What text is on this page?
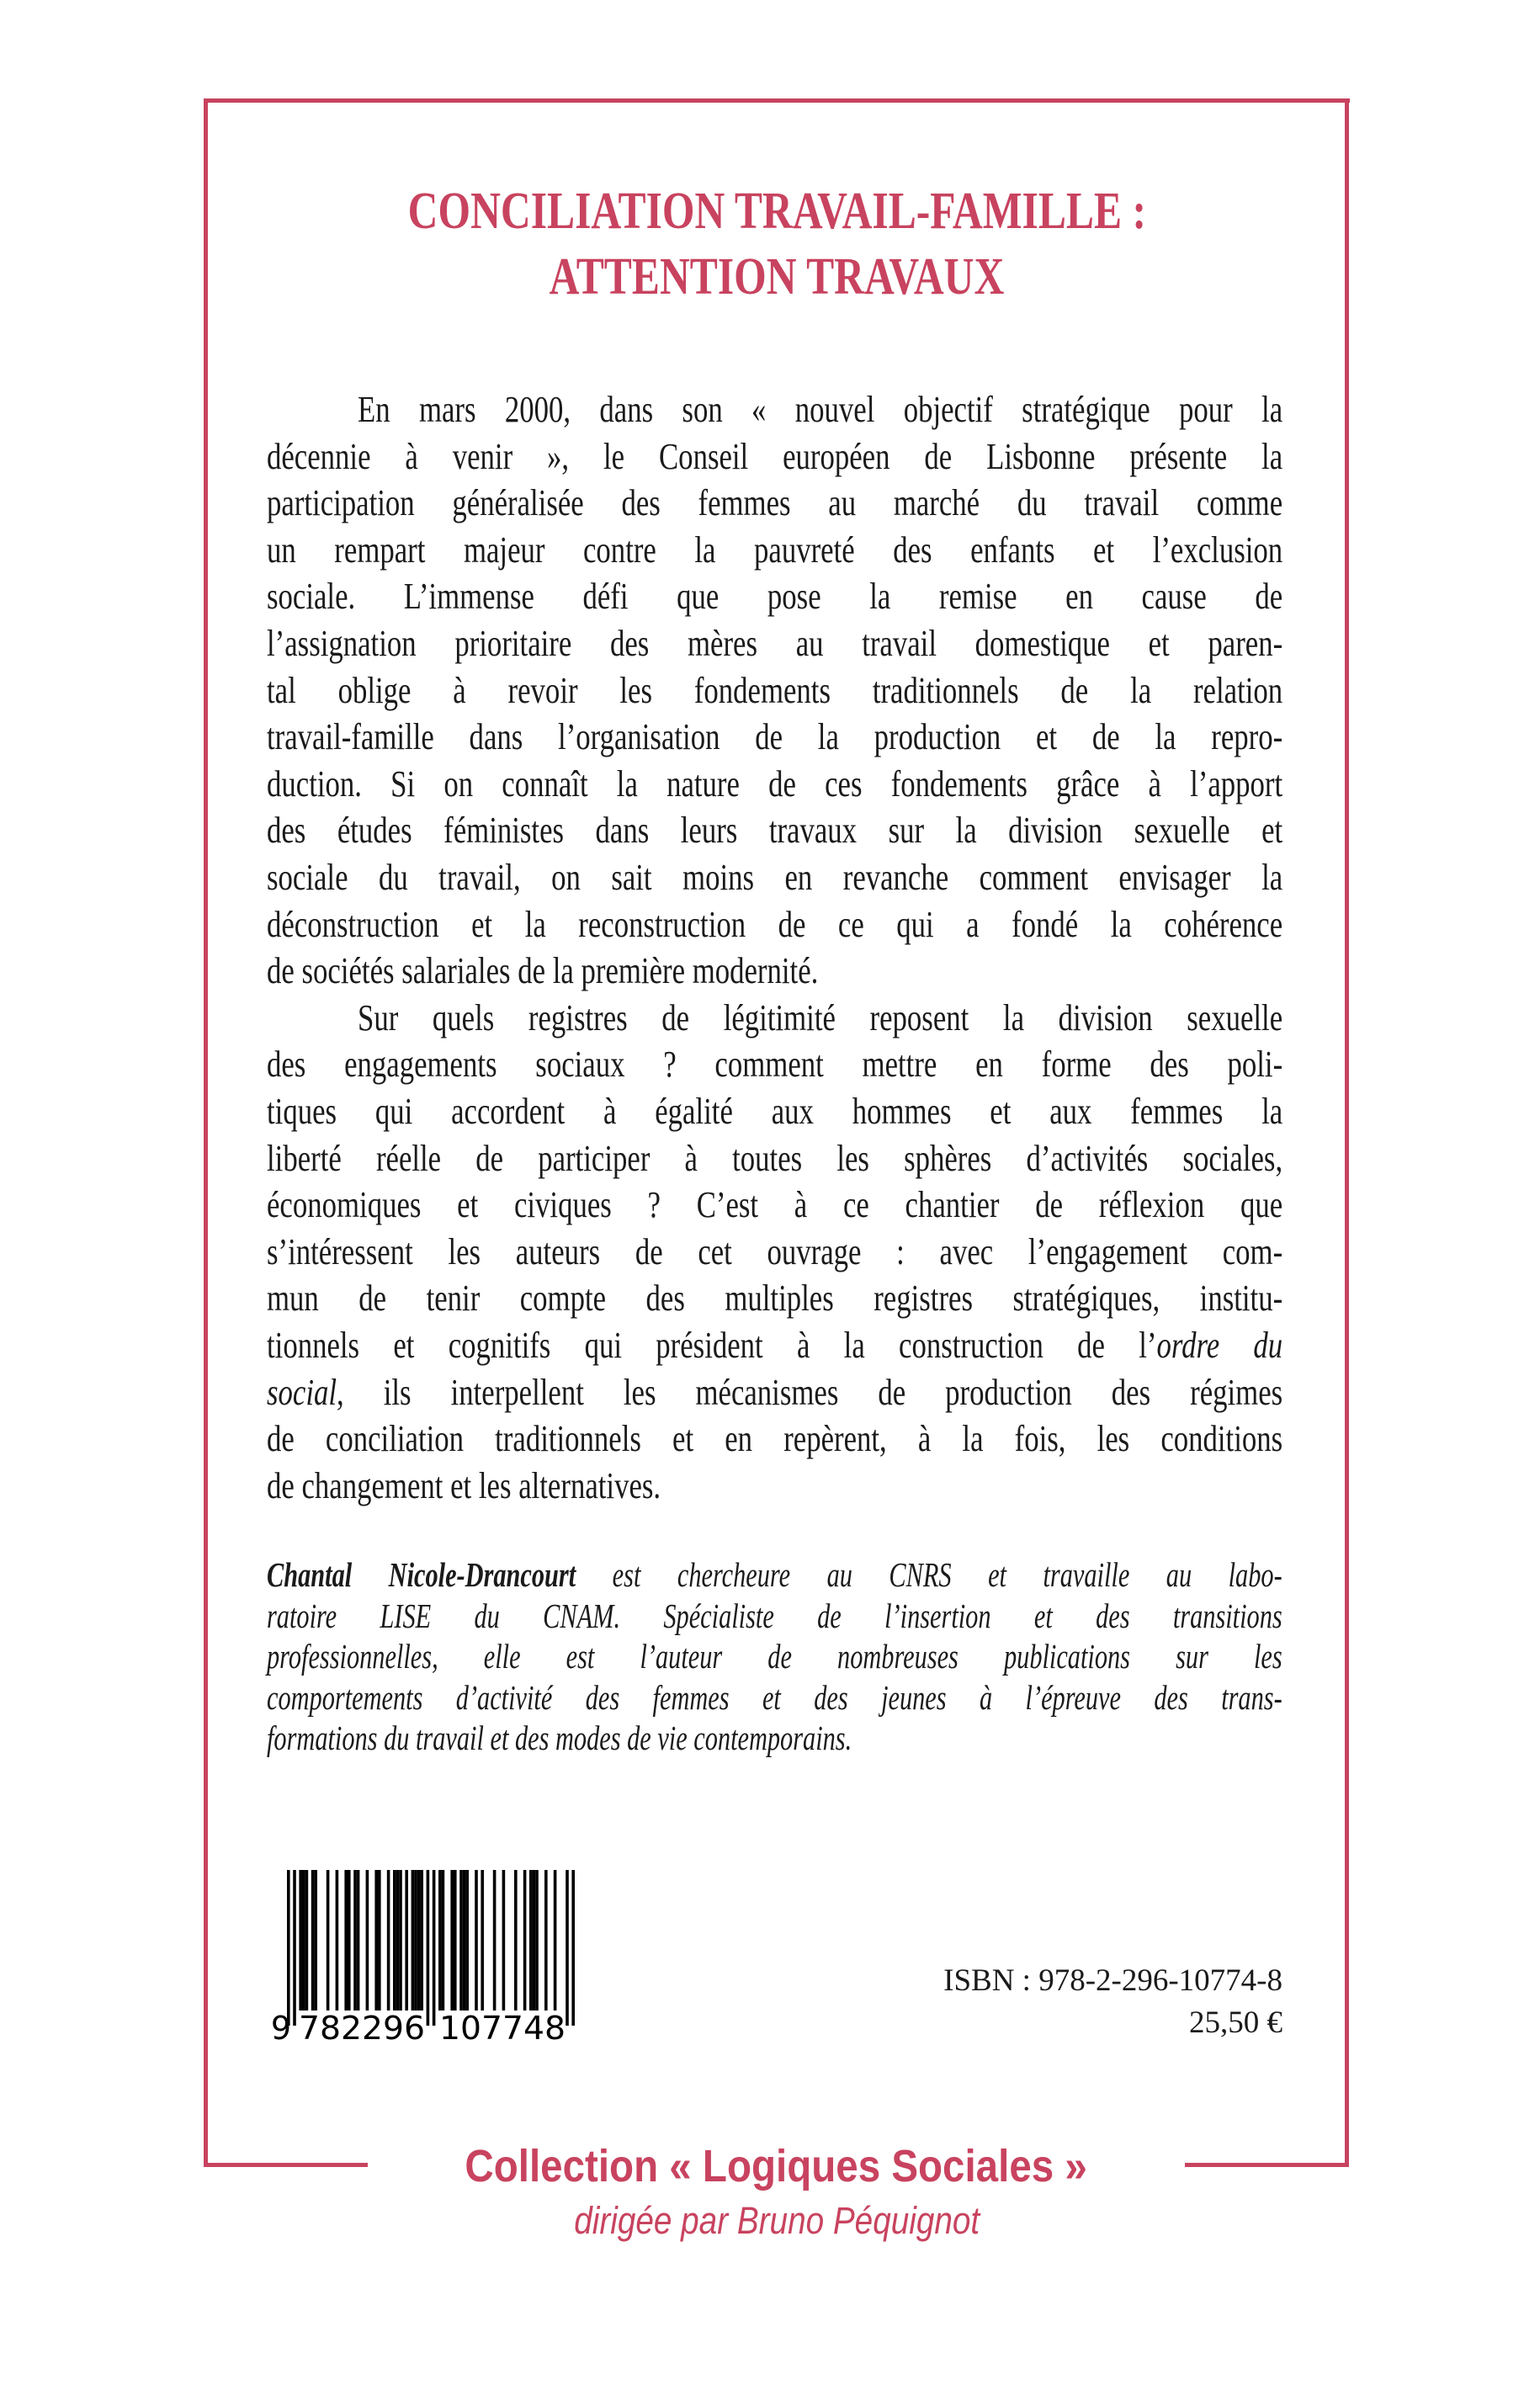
CONCILIATION TRAVAIL-FAMILLE :
ATTENTION TRAVAUX
En mars 2000, dans son « nouvel objectif stratégique pour la
décennie à venir », le Conseil européen de Lisbonne présente la
participation généralisée des femmes au marché du travail comme
un rempart majeur contre la pauvreté des enfants et l’exclusion
sociale. L’immense défi que pose la remise en cause de
l’assignation prioritaire des mères au travail domestique et paren-
tal oblige à revoir les fondements traditionnels de la relation
travail-famille dans l’organisation de la production et de la repro-
duction. Si on connaît la nature de ces fondements grâce à l’apport
des études féministes dans leurs travaux sur la division sexuelle et
sociale du travail, on sait moins en revanche comment envisager la
déconstruction et la reconstruction de ce qui a fondé la cohérence
de sociétés salariales de la première modernité.
Sur quels registres de légitimité reposent la division sexuelle
des engagements sociaux ? comment mettre en forme des poli-
tiques qui accordent à égalité aux hommes et aux femmes la
liberté réelle de participer à toutes les sphères d’activités sociales,
économiques et civiques ? C’est à ce chantier de réflexion que
s’intéressent les auteurs de cet ouvrage : avec l’engagement com-
mun de tenir compte des multiples registres stratégiques, institu-
tionnels et cognitifs qui président à la construction de l’ordre du
social, ils interpellent les mécanismes de production des régimes
de conciliation traditionnels et en repèrent, à la fois, les conditions
de changement et les alternatives.
Chantal Nicole-Drancourt est chercheure au CNRS et travaille au labo-
ratoire LISE du CNAM. Spécialiste de l’insertion et des transitions
professionnelles, elle est l’auteur de nombreuses publications sur les
comportements d’activité des femmes et des jeunes à l’épreuve des trans-
formations du travail et des modes de vie contemporains.
9 782296 107748
ISBN : 978-2-296-10774-8
25,50 €
Collection « Logiques Sociales »
dirigée par Bruno Péquignot
